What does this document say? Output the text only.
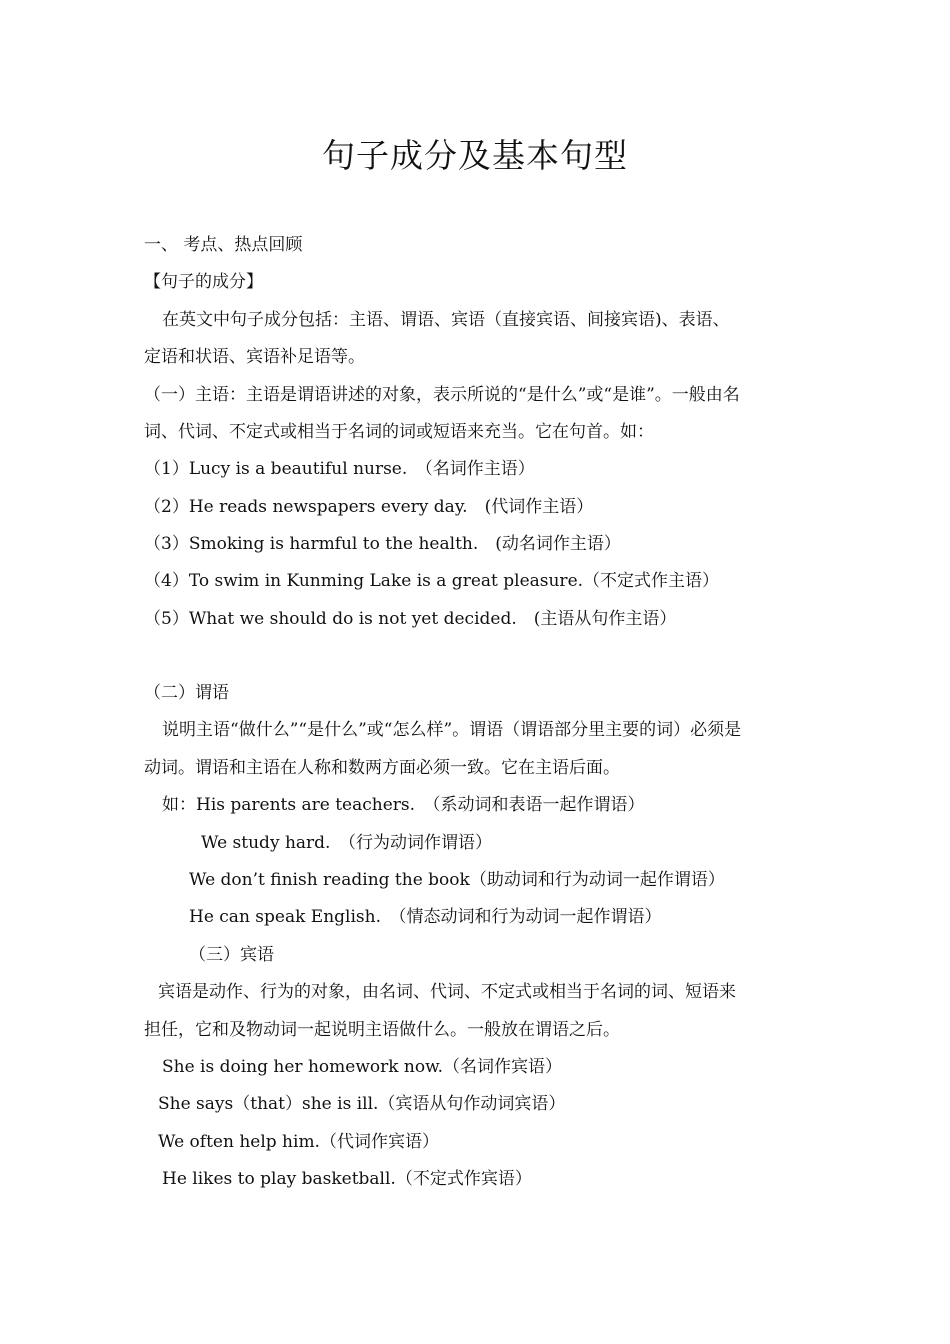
句子成分及基本句型
一、 考点、热点回顾
【句子的成分】
在英文中句子成分包括：主语、谓语、宾语（直接宾语、间接宾语)、表语、
定语和状语、宾语补足语等。
（一）主语：主语是谓语讲述的对象，表示所说的“是什么”或“是谁”。一般由名
词、代词、不定式或相当于名词的词或短语来充当。它在句首。如：
（1）Lucy is a beautiful nurse.　（名词作主语）
（2）He reads newspapers every day.　(代词作主语）
（3）Smoking is harmful to the health.　(动名词作主语）
（4）To swim in Kunming Lake is a great pleasure.（不定式作主语）
（5）What we should do is not yet decided.　(主语从句作主语）
（二）谓语
说明主语“做什么”“是什么”或“怎么样”。谓语（谓语部分里主要的词）必须是
动词。谓语和主语在人称和数两方面必须一致。它在主语后面。
如：His parents are teachers.　（系动词和表语一起作谓语）
We study hard.　（行为动词作谓语）
We don’t finish reading the book（助动词和行为动词一起作谓语）
He can speak English.　（情态动词和行为动词一起作谓语）
（三）宾语
宾语是动作、行为的对象，由名词、代词、不定式或相当于名词的词、短语来
担任，它和及物动词一起说明主语做什么。一般放在谓语之后。
She is doing her homework now.（名词作宾语）
She says（that）she is ill.（宾语从句作动词宾语）
We often help him.（代词作宾语）
He likes to play basketball.（不定式作宾语）
